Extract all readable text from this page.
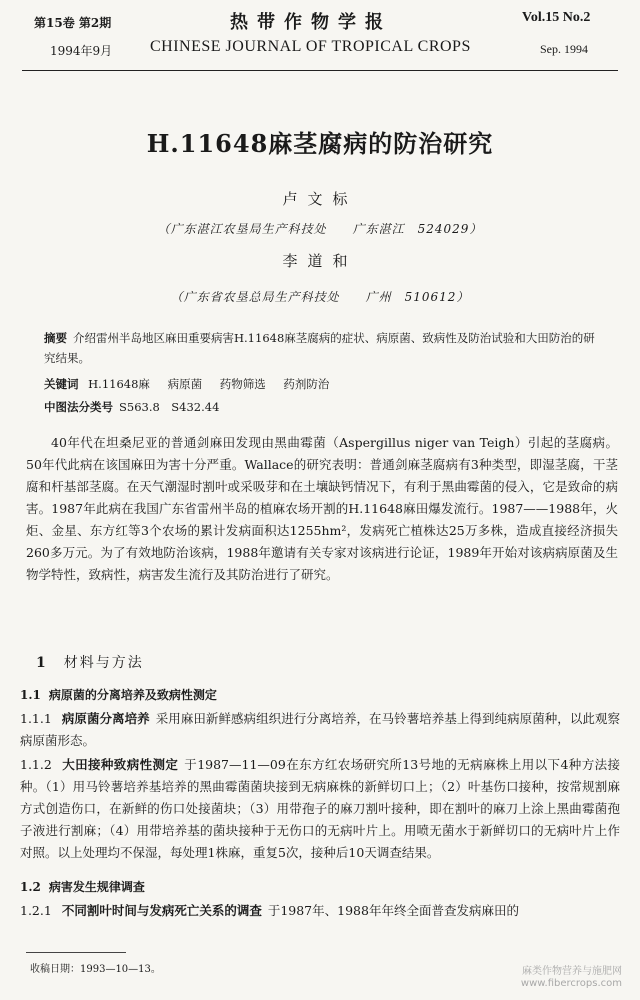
第15卷 第2期
1994年9月
热带作物学报
CHINESE JOURNAL OF TROPICAL CROPS
Vol.15 No.2
Sep. 1994
H.11648麻茎腐病的防治研究
卢文标
（广东湛江农垦局生产科技处　　广东湛江　524029）
李道和
（广东省农垦总局生产科技处　　广州　510612）
摘要 介绍雷州半岛地区麻田重要病害H.11648麻茎腐病的症状、病原菌、致病性及防治试验和大田防治的研究结果。
关键词 H.11648麻 病原菌 药物筛选 药剂防治
中图法分类号 S563.8　S432.44
40年代在坦桑尼亚的普通剑麻田发现由黑曲霉菌（Aspergillus niger van Teigh）引起的茎腐病。50年代此病在该国麻田为害十分严重。Wallace的研究表明：普通剑麻茎腐病有3种类型，即湿茎腐，干茎腐和杆基部茎腐。在天气潮湿时割叶或采吸芽和在土壤缺钙情况下，有利于黑曲霉菌的侵入，它是致命的病害。1987年此病在我国广东省雷州半岛的植麻农场开割的H.11648麻田爆发流行。1987——1988年，火炬、金星、东方红等3个农场的累计发病面积达1255hm²，发病死亡植株达25万多株，造成直接经济损失260多万元。为了有效地防治该病，1988年邀请有关专家对该病进行论证，1989年开始对该病病原菌及生物学特性，致病性，病害发生流行及其防治进行了研究。
1 材料与方法
1.1 病原菌的分离培养及致病性测定
1.1.1 病原菌分离培养 采用麻田新鲜感病组织进行分离培养，在马铃薯培养基上得到纯病原菌种，以此观察病原菌形态。
1.1.2 大田接种致病性测定 于1987—11—09在东方红农场研究所13号地的无病麻株上用以下4种方法接种。（1）用马铃薯培养基培养的黑曲霉菌菌块接到无病麻株的新鲜切口上；（2）叶基伤口接种，按常规割麻方式创造伤口，在新鲜的伤口处接菌块；（3）用带孢子的麻刀割叶接种，即在割叶的麻刀上涂上黑曲霉菌孢子液进行割麻；（4）用带培养基的菌块接种于无伤口的无病叶片上。用喷无菌水于新鲜切口的无病叶片上作对照。以上处理均不保湿，每处理1株麻，重复5次，接种后10天调查结果。
1.2 病害发生规律调查
1.2.1 不同割叶时间与发病死亡关系的调查 于1987年、1988年年终全面普查发病麻田的
收稿日期：1993—10—13。	麻类作物营养与施肥网
www.fibercrops.com
